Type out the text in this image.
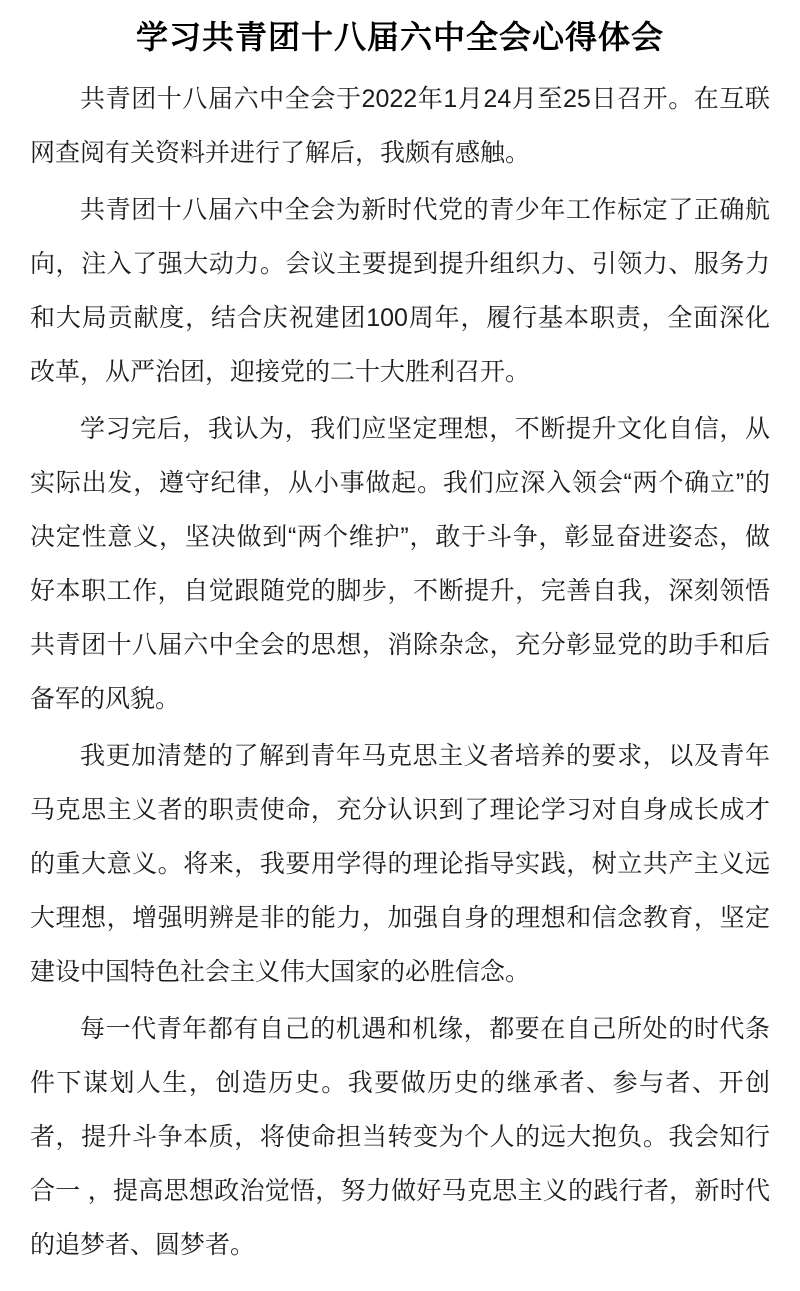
学习共青团十八届六中全会心得体会

共青团十八届六中全会于2022年1月24月至25日召开。在互联网查阅有关资料并进行了解后，我颇有感触。

共青团十八届六中全会为新时代党的青少年工作标定了正确航向，注入了强大动力。会议主要提到提升组织力、引领力、服务力和大局贡献度，结合庆祝建团100周年，履行基本职责，全面深化改革，从严治团，迎接党的二十大胜利召开。

学习完后，我认为，我们应坚定理想，不断提升文化自信，从实际出发，遵守纪律，从小事做起。我们应深入领会“两个确立”的决定性意义，坚决做到“两个维护”，敢于斗争，彰显奋进姿态，做好本职工作，自觉跟随党的脚步，不断提升，完善自我，深刻领悟共青团十八届六中全会的思想，消除杂念，充分彰显党的助手和后备军的风貌。

我更加清楚的了解到青年马克思主义者培养的要求，以及青年马克思主义者的职责使命，充分认识到了理论学习对自身成长成才的重大意义。将来，我要用学得的理论指导实践，树立共产主义远大理想，增强明辨是非的能力，加强自身的理想和信念教育，坚定建设中国特色社会主义伟大国家的必胜信念。

每一代青年都有自己的机遇和机缘，都要在自己所处的时代条件下谋划人生，创造历史。我要做历史的继承者、参与者、开创者，提升斗争本质，将使命担当转变为个人的远大抱负。我会知行合一 ，提高思想政治觉悟，努力做好马克思主义的践行者，新时代的追梦者、圆梦者。
